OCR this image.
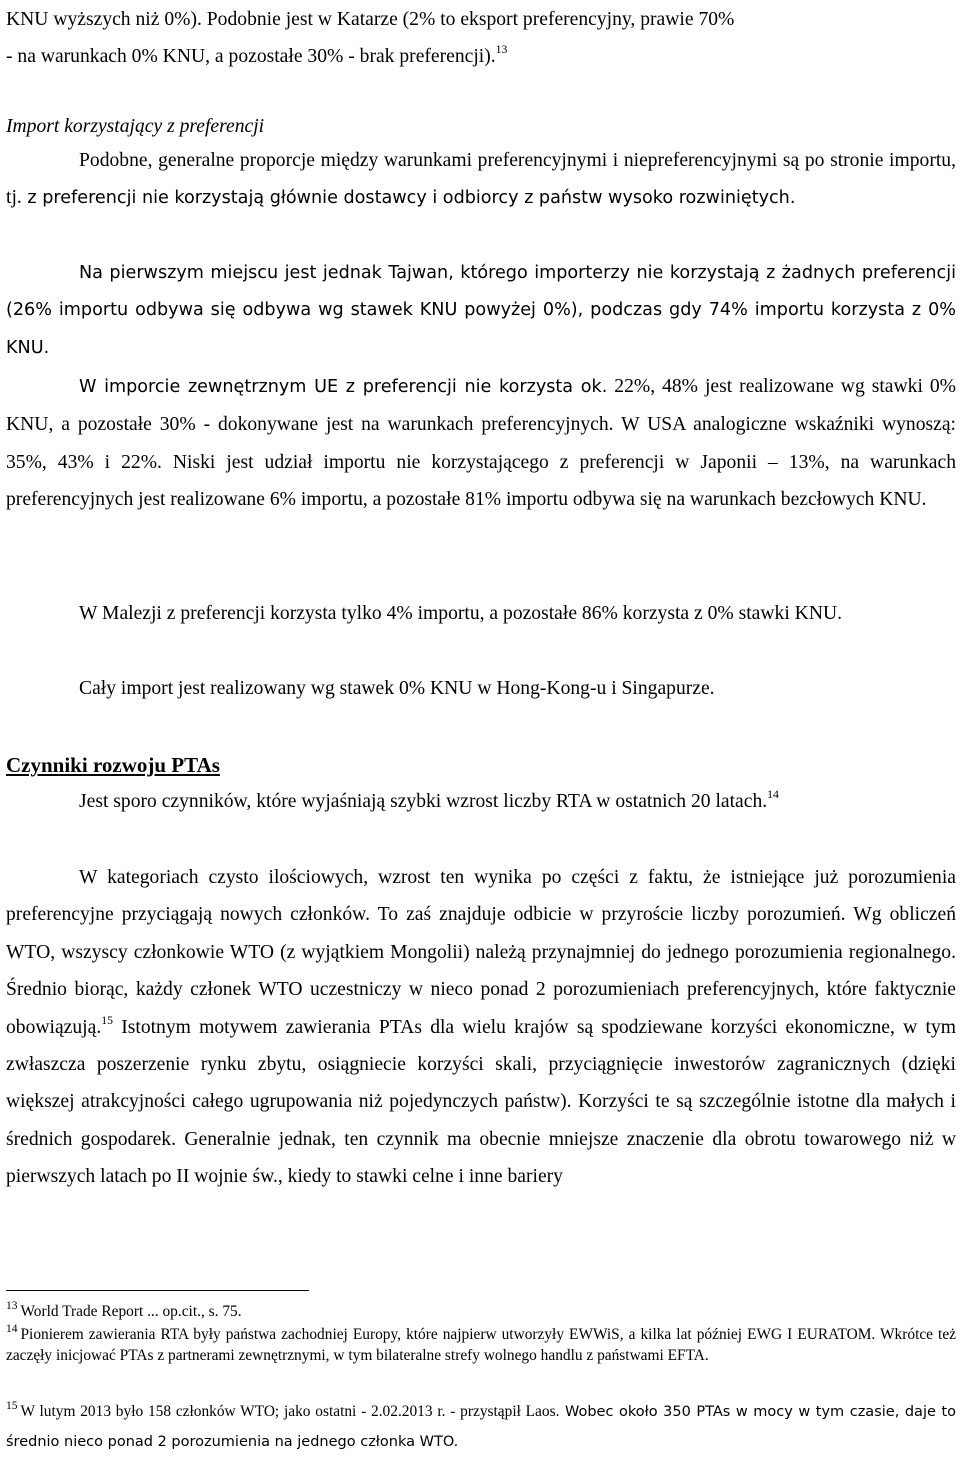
KNU wyższych niż 0%). Podobnie jest w Katarze (2% to eksport preferencyjny, prawie 70%
- na warunkach 0% KNU, a pozostałe 30% - brak preferencji).$^{13}$

Import korzystający z preferencji

Podobne, generalne proporcje między warunkami preferencyjnymi i niepreferencyjnymi są po stronie importu, tj. z preferencji nie korzystają głównie dostawcy i odbiorcy z państw wysoko rozwiniętych.

Na pierwszym miejscu jest jednak Tajwan, którego importerzy nie korzystają z żadnych preferencji (26% importu odbywa się odbywa wg stawek KNU powyżej 0%), podczas gdy 74% importu korzysta z 0% KNU.

W imporcie zewnętrznym UE z preferencji nie korzysta ok. 22%, 48% jest realizowane wg stawki 0% KNU, a pozostałe 30% - dokonywane jest na warunkach preferencyjnych. W USA analogiczne wskaźniki wynoszą: 35%, 43% i 22%. Niski jest udział importu nie korzystającego z preferencji w Japonii – 13%, na warunkach preferencyjnych jest realizowane 6% importu, a pozostałe 81% importu odbywa się na warunkach bezcłowych KNU.

W Malezji z preferencji korzysta tylko 4% importu, a pozostałe 86% korzysta z 0% stawki KNU.

Cały import jest realizowany wg stawek 0% KNU w Hong-Kong-u i Singapurze.

Czynniki rozwoju PTAs

Jest sporo czynników, które wyjaśniają szybki wzrost liczby RTA w ostatnich 20 latach.$^{14}$

W kategoriach czysto ilościowych, wzrost ten wynika po części z faktu, że istniejące już porozumienia preferencyjne przyciągają nowych członków. To zaś znajduje odbicie w przyroście liczby porozumień. Wg obliczeń WTO, wszyscy członkowie WTO (z wyjątkiem Mongolii) należą przynajmniej do jednego porozumienia regionalnego. Średnio biorąc, każdy członek WTO uczestniczy w nieco ponad 2 porozumieniach preferencyjnych, które faktycznie obowiązują.$^{15}$ Istotnym motywem zawierania PTAs dla wielu krajów są spodziewane korzyści ekonomiczne, w tym zwłaszcza poszerzenie rynku zbytu, osiągniecie korzyści skali, przyciągnięcie inwestorów zagranicznych (dzięki większej atrakcyjności całego ugrupowania niż pojedynczych państw). Korzyści te są szczególnie istotne dla małych i średnich gospodarek. Generalnie jednak, ten czynnik ma obecnie mniejsze znaczenie dla obrotu towarowego niż w pierwszych latach po II wojnie św., kiedy to stawki celne i inne bariery

$^{13}$ World Trade Report ... op.cit., s. 75.

$^{14}$ Pionierem zawierania RTA były państwa zachodniej Europy, które najpierw utworzyły EWWiS, a kilka lat później EWG I EURATOM. Wkrótce też zaczęły inicjować PTAs z partnerami zewnętrznymi, w tym bilateralne strefy wolnego handlu z państwami EFTA.

$^{15}$ W lutym 2013 było 158 członków WTO; jako ostatni - 2.02.2013 r. - przystąpił Laos. Wobec około 350 PTAs w mocy w tym czasie, daje to średnio nieco ponad 2 porozumienia na jednego członka WTO.
